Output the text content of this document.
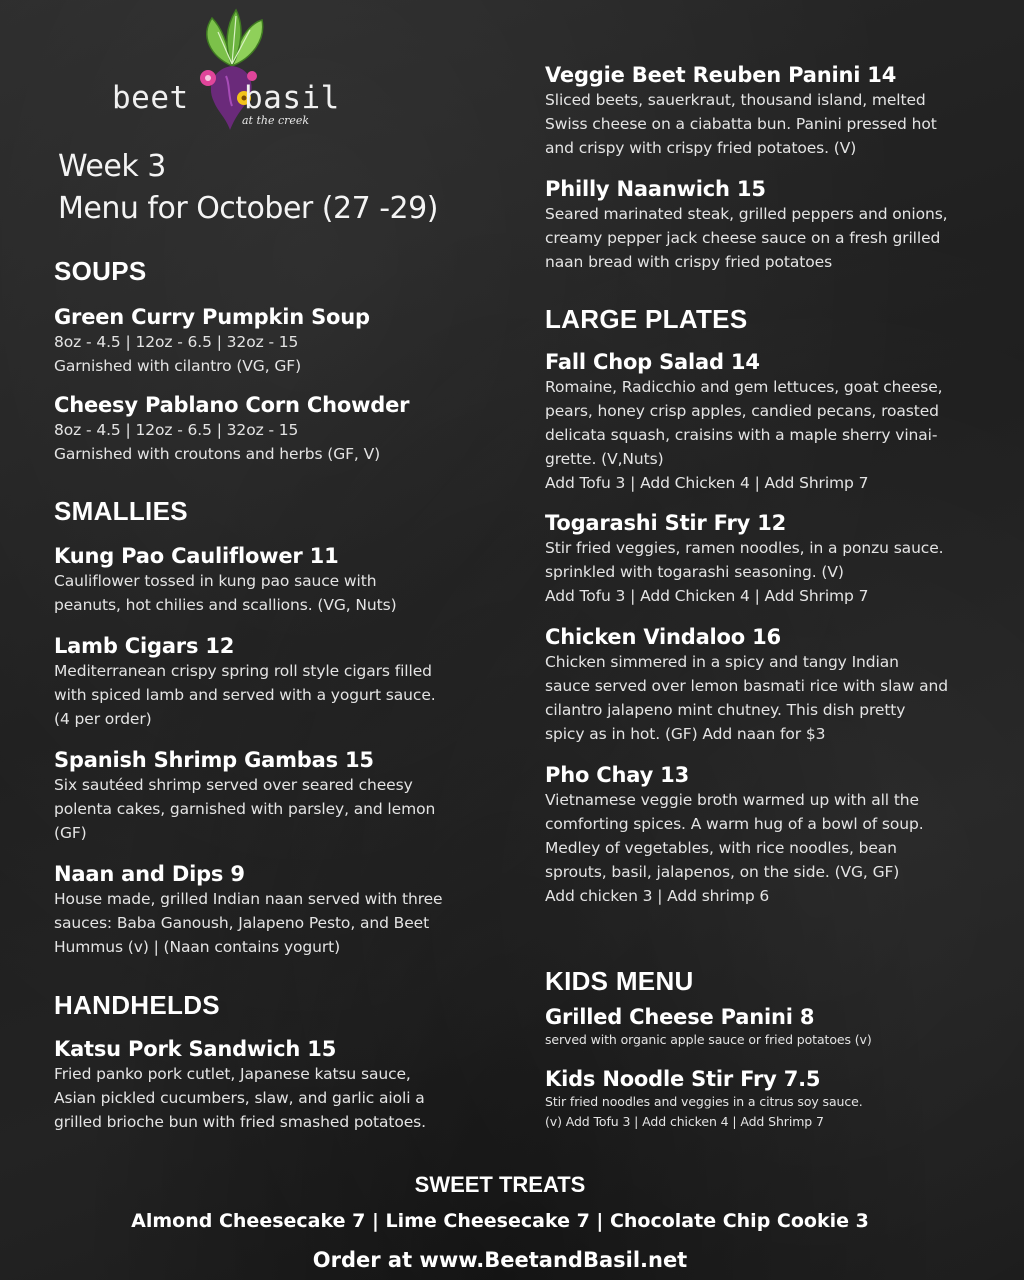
beet basil
at the creek
Week 3
Menu for October (27 -29)
SOUPS
Green Curry Pumpkin Soup
8oz - 4.5 | 12oz - 6.5 | 32oz - 15
Garnished with cilantro (VG, GF)
Cheesy Pablano Corn Chowder
8oz - 4.5 | 12oz - 6.5 | 32oz - 15
Garnished with croutons and herbs (GF, V)
SMALLIES
Kung Pao Cauliflower 11
Cauliflower tossed in kung pao sauce with
peanuts, hot chilies and scallions. (VG, Nuts)
Lamb Cigars 12
Mediterranean crispy spring roll style cigars filled
with spiced lamb and served with a yogurt sauce.
(4 per order)
Spanish Shrimp Gambas 15
Six sautéed shrimp served over seared cheesy
polenta cakes, garnished with parsley, and lemon
(GF)
Naan and Dips 9
House made, grilled Indian naan served with three
sauces: Baba Ganoush, Jalapeno Pesto, and Beet
Hummus (v) | (Naan contains yogurt)
HANDHELDS
Katsu Pork Sandwich 15
Fried panko pork cutlet, Japanese katsu sauce,
Asian pickled cucumbers, slaw, and garlic aioli a
grilled brioche bun with fried smashed potatoes.
Veggie Beet Reuben Panini 14
Sliced beets, sauerkraut, thousand island, melted
Swiss cheese on a ciabatta bun. Panini pressed hot
and crispy with crispy fried potatoes. (V)
Philly Naanwich 15
Seared marinated steak, grilled peppers and onions,
creamy pepper jack cheese sauce on a fresh grilled
naan bread with crispy fried potatoes
LARGE PLATES
Fall Chop Salad 14
Romaine, Radicchio and gem lettuces, goat cheese,
pears, honey crisp apples, candied pecans, roasted
delicata squash, craisins with a maple sherry vinai-
grette. (V,Nuts)
Add Tofu 3 | Add Chicken 4 | Add Shrimp 7
Togarashi Stir Fry 12
Stir fried veggies, ramen noodles, in a ponzu sauce.
sprinkled with togarashi seasoning. (V)
Add Tofu 3 | Add Chicken 4 | Add Shrimp 7
Chicken Vindaloo 16
Chicken simmered in a spicy and tangy Indian
sauce served over lemon basmati rice with slaw and
cilantro jalapeno mint chutney. This dish pretty
spicy as in hot. (GF) Add naan for $3
Pho Chay 13
Vietnamese veggie broth warmed up with all the
comforting spices. A warm hug of a bowl of soup.
Medley of vegetables, with rice noodles, bean
sprouts, basil, jalapenos, on the side. (VG, GF)
Add chicken 3 | Add shrimp 6
KIDS MENU
Grilled Cheese Panini 8
served with organic apple sauce or fried potatoes (v)
Kids Noodle Stir Fry 7.5
Stir fried noodles and veggies in a citrus soy sauce.
(v) Add Tofu 3 | Add chicken 4 | Add Shrimp 7
SWEET TREATS
Almond Cheesecake 7 | Lime Cheesecake 7 | Chocolate Chip Cookie 3
Order at www.BeetandBasil.net
